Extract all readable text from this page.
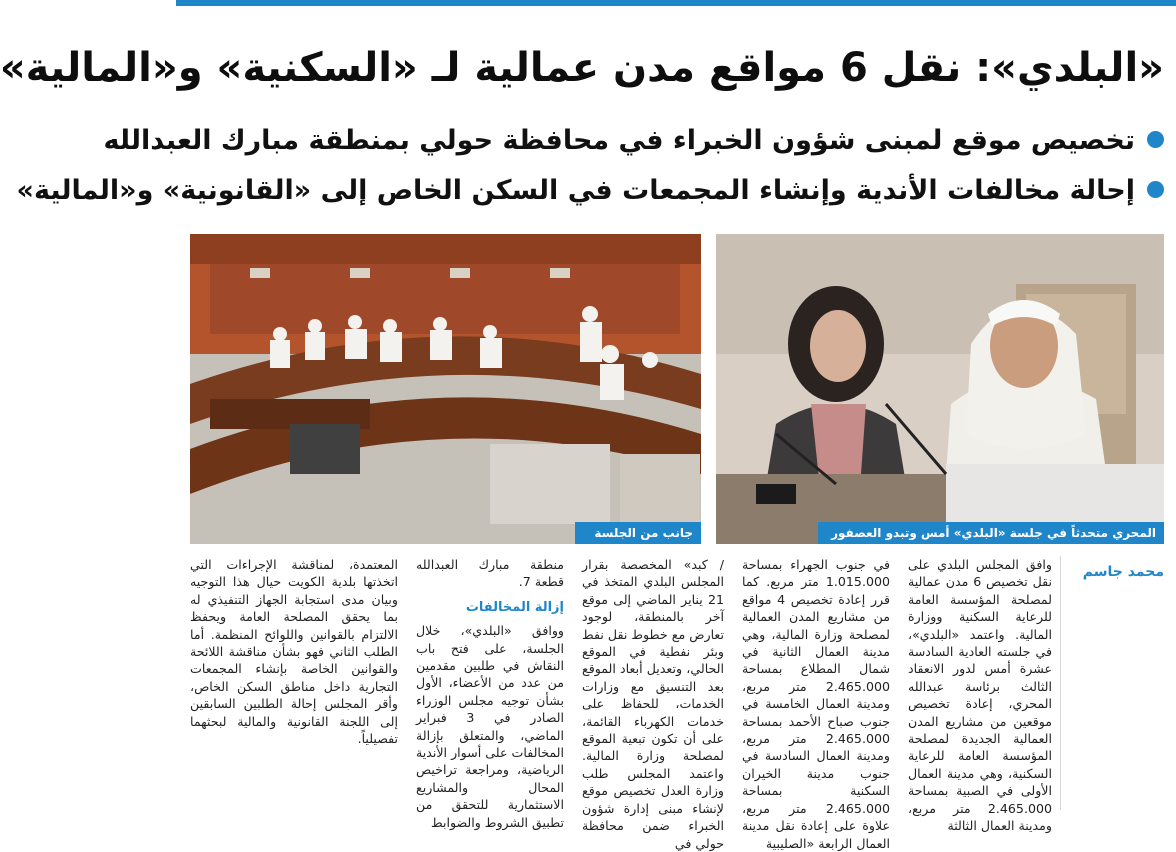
«البلدي»: نقل 6 مواقع مدن عمالية لـ «السكنية» و«المالية»
تخصيص موقع لمبنى شؤون الخبراء في محافظة حولي بمنطقة مبارك العبدالله
إحالة مخالفات الأندية وإنشاء المجمعات في السكن الخاص إلى «القانونية» و«المالية»
المحري متحدثاً في جلسة «البلدي» أمس وتبدو العصفور
جانب من الجلسة
محمد جاسم

وافق المجلس البلدي على نقل تخصيص 6 مدن عمالية لمصلحة المؤسسة العامة للرعاية السكنية ووزارة المالية. واعتمد «البلدي»، في جلسته العادية السادسة عشرة أمس لدور الانعقاد الثالث برئاسة عبدالله المحري، إعادة تخصيص موقعين من مشاريع المدن العمالية الجديدة لمصلحة المؤسسة العامة للرعاية السكنية، وهي مدينة العمال الأولى في الصبية بمساحة 2.465.000 متر مربع، ومدينة العمال الثالثة

في جنوب الجهراء بمساحة 1.015.000 متر مربع. كما قرر إعادة تخصيص 4 مواقع من مشاريع المدن العمالية لمصلحة وزارة المالية، وهي مدينة العمال الثانية في شمال المطلاع بمساحة 2.465.000 متر مربع، ومدينة العمال الخامسة في جنوب صباح الأحمد بمساحة 2.465.000 متر مربع، ومدينة العمال السادسة في جنوب مدينة الخيران السكنية بمساحة 2.465.000 متر مربع، علاوة على إعادة نقل مدينة العمال الرابعة «الصليبية

/ كبد» المخصصة بقرار المجلس البلدي المتخذ في 21 يناير الماضي إلى موقع آخر بالمنطقة، لوجود تعارض مع خطوط نقل نفط وبئر نفطية في الموقع الحالي، وتعديل أبعاد الموقع بعد التنسيق مع وزارات الخدمات، للحفاظ على خدمات الكهرباء القائمة، على أن تكون تبعية الموقع لمصلحة وزارة المالية. واعتمد المجلس طلب وزارة العدل تخصيص موقع لإنشاء مبنى إدارة شؤون الخبراء ضمن محافظة حولي في

منطقة مبارك العبدالله قطعة 7.

إزالة المخالفات

ووافق «البلدي»، خلال الجلسة، على فتح باب النقاش في طلبين مقدمين من عدد من الأعضاء، الأول بشأن توجيه مجلس الوزراء الصادر في 3 فبراير الماضي، والمتعلق بإزالة المخالفات على أسوار الأندية الرياضية، ومراجعة تراخيص المحال والمشاريع الاستثمارية للتحقق من تطبيق الشروط والضوابط

المعتمدة، لمناقشة الإجراءات التي اتخذتها بلدية الكويت حيال هذا التوجيه وبيان مدى استجابة الجهاز التنفيذي له بما يحقق المصلحة العامة ويحفظ الالتزام بالقوانين واللوائح المنظمة. أما الطلب الثاني فهو بشأن مناقشة اللائحة والقوانين الخاصة بإنشاء المجمعات التجارية داخل مناطق السكن الخاص، وأقر المجلس إحالة الطلبين السابقين إلى اللجنة القانونية والمالية لبحثهما تفصيلياً.
